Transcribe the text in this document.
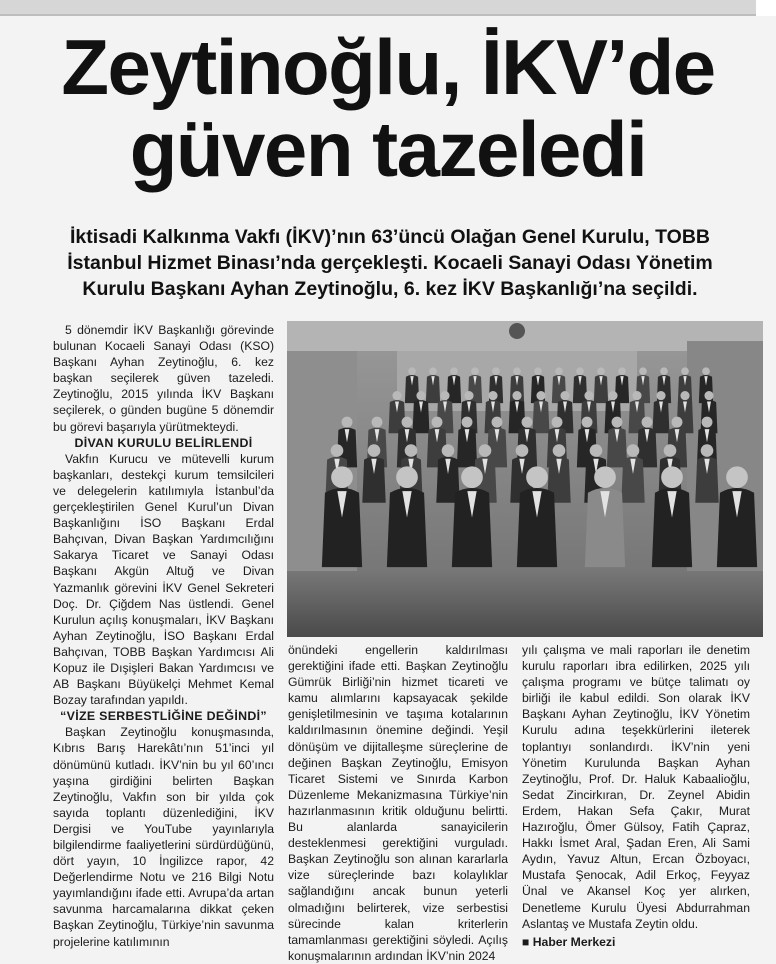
Zeytinoğlu, İKV’de
güven tazeledi
İktisadi Kalkınma Vakfı (İKV)’nın 63’üncü Olağan Genel Kurulu, TOBB
İstanbul Hizmet Binası’nda gerçekleşti. Kocaeli Sanayi Odası Yönetim
Kurulu Başkanı Ayhan Zeytinoğlu, 6. kez İKV Başkanlığı’na seçildi.

5 dönemdir İKV Başkanlığı görevinde bulunan Kocaeli Sanayi Odası (KSO) Başkanı Ayhan Zeytinoğlu, 6. kez başkan seçilerek güven tazeledi. Zeytinoğlu, 2015 yılında İKV Başkanı seçilerek, o günden bugüne 5 dönemdir bu görevi başarıyla yürütmekteydi.

DİVAN KURULU BELİRLENDİ

Vakfın Kurucu ve mütevelli kurum başkanları, destekçi kurum temsilcileri ve delegelerin katılımıyla İstanbul’da gerçekleştirilen Genel Kurul’un Divan Başkanlığını İSO Başkanı Erdal Bahçıvan, Divan Başkan Yardımcılığını Sakarya Ticaret ve Sanayi Odası Başkanı Akgün Altuğ ve Divan Yazmanlık görevini İKV Genel Sekreteri Doç. Dr. Çiğdem Nas üstlendi. Genel Kurulun açılış konuşmaları, İKV Başkanı Ayhan Zeytinoğlu, İSO Başkanı Erdal Bahçıvan, TOBB Başkan Yardımcısı Ali Kopuz ile Dışişleri Bakan Yardımcısı ve AB Başkanı Büyükelçi Mehmet Kemal Bozay tarafından yapıldı.

“VİZE SERBESTLİĞİNE DEĞİNDİ”

Başkan Zeytinoğlu konuşmasında, Kıbrıs Barış Harekâtı’nın 51’inci yıl dönümünü kutladı. İKV’nin bu yıl 60’ıncı yaşına girdiğini belirten Başkan Zeytinoğlu, Vakfın son bir yılda çok sayıda toplantı düzenlediğini, İKV Dergisi ve YouTube yayınlarıyla bilgilendirme faaliyetlerini sürdürdüğünü, dört yayın, 10 İngilizce rapor, 42 Değerlendirme Notu ve 216 Bilgi Notu yayımlandığını ifade etti. Avrupa’da artan savunma harcamalarına dikkat çeken Başkan Zeytinoğlu, Türkiye’nin savunma projelerine katılımının

önündeki engellerin kaldırılması gerektiğini ifade etti. Başkan Zeytinoğlu Gümrük Birliği’nin hizmet ticareti ve kamu alımlarını kapsayacak şekilde genişletilmesinin ve taşıma kotalarının kaldırılmasının önemine değindi. Yeşil dönüşüm ve dijitalleşme süreçlerine de değinen Başkan Zeytinoğlu, Emisyon Ticaret Sistemi ve Sınırda Karbon Düzenleme Mekanizmasına Türkiye’nin hazırlanmasının kritik olduğunu belirtti. Bu alanlarda sanayicilerin desteklenmesi gerektiğini vurguladı. Başkan Zeytinoğlu son alınan kararlarla vize süreçlerinde bazı kolaylıklar sağlandığını ancak bunun yeterli olmadığını belirterek, vize serbestisi sürecinde kalan kriterlerin tamamlanması gerektiğini söyledi. Açılış konuşmalarının ardından İKV’nin 2024

yılı çalışma ve mali raporları ile denetim kurulu raporları ibra edilirken, 2025 yılı çalışma programı ve bütçe talimatı oy birliği ile kabul edildi. Son olarak İKV Başkanı Ayhan Zeytinoğlu, İKV Yönetim Kurulu adına teşekkürlerini ileterek toplantıyı sonlandırdı. İKV’nin yeni Yönetim Kurulunda Başkan Ayhan Zeytinoğlu, Prof. Dr. Haluk Kabaalioğlu, Sedat Zincirkıran, Dr. Zeynel Abidin Erdem, Hakan Sefa Çakır, Murat Hazıroğlu, Ömer Gülsoy, Fatih Çapraz, Hakkı İsmet Aral, Şadan Eren, Ali Sami Aydın, Yavuz Altun, Ercan Özboyacı, Mustafa Şenocak, Adil Erkoç, Feyyaz Ünal ve Akansel Koç yer alırken, Denetleme Kurulu Üyesi Abdurrahman Aslantaş ve Mustafa Zeytin oldu.

■ Haber Merkezi
